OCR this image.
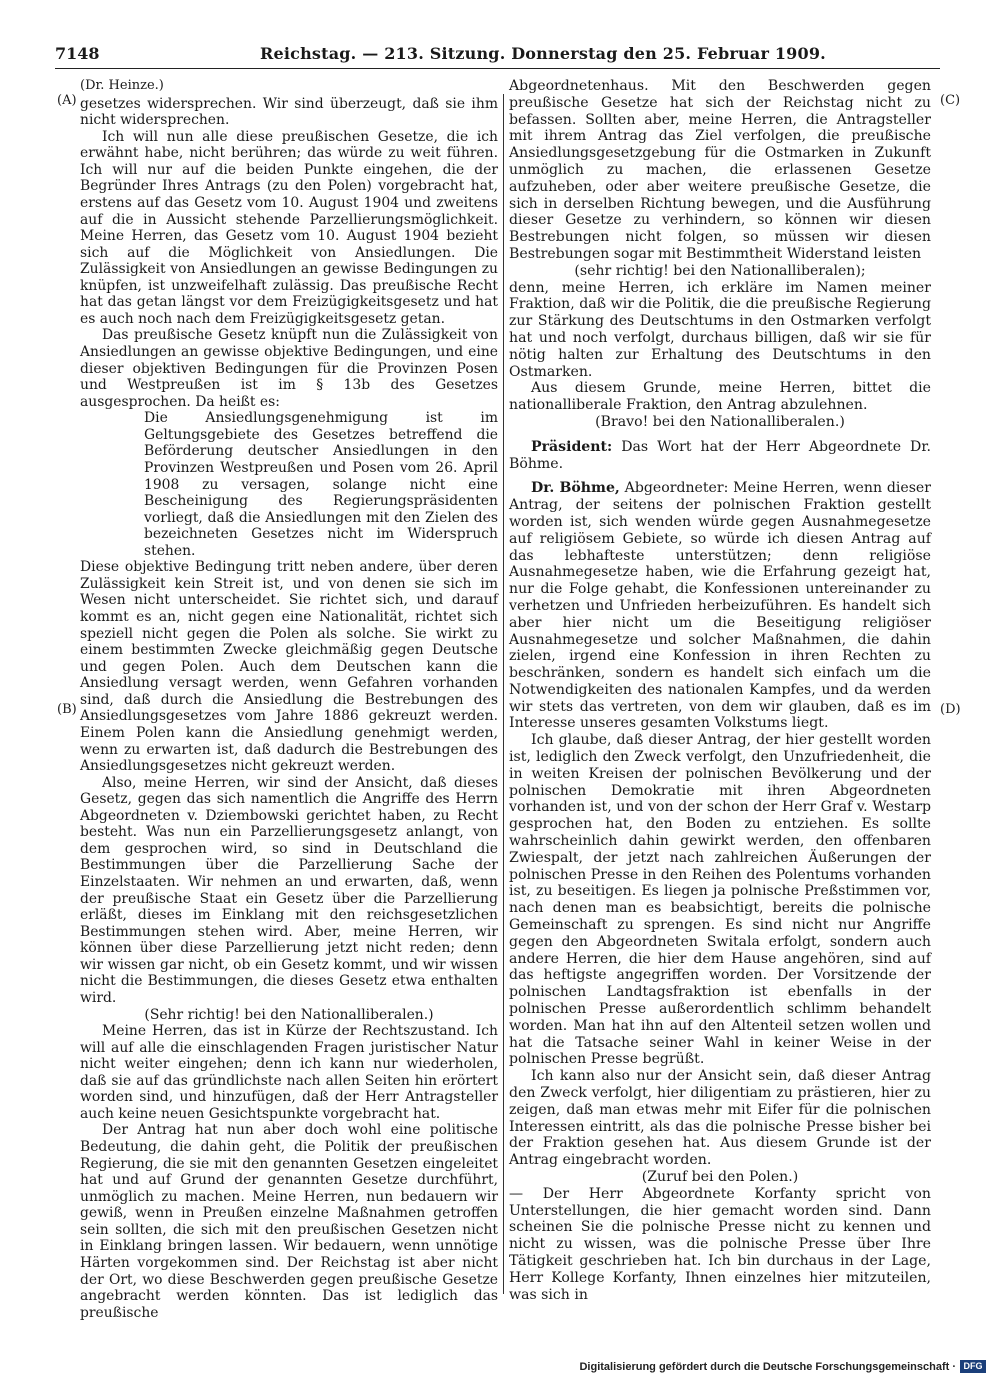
7148	Reichstag. — 213. Sitzung. Donnerstag den 25. Februar 1909.
(A)
(B)
(C)
(D)

(Dr. Heinze.)

gesetzes widersprechen. Wir sind überzeugt, daß sie ihm nicht widersprechen.

Ich will nun alle diese preußischen Gesetze, die ich erwähnt habe, nicht berühren; das würde zu weit führen. Ich will nur auf die beiden Punkte eingehen, die der Begründer Ihres Antrags (zu den Polen) vorgebracht hat, erstens auf das Gesetz vom 10. August 1904 und zweitens auf die in Aussicht stehende Parzellierungsmöglichkeit. Meine Herren, das Gesetz vom 10. August 1904 bezieht sich auf die Möglichkeit von Ansiedlungen. Die Zulässigkeit von Ansiedlungen an gewisse Bedingungen zu knüpfen, ist unzweifelhaft zulässig. Das preußische Recht hat das getan längst vor dem Freizügigkeitsgesetz und hat es auch noch nach dem Freizügigkeitsgesetz getan.

Das preußische Gesetz knüpft nun die Zulässigkeit von Ansiedlungen an gewisse objektive Bedingungen, und eine dieser objektiven Bedingungen für die Provinzen Posen und Westpreußen ist im § 13b des Gesetzes ausgesprochen. Da heißt es:

Die Ansiedlungsgenehmigung ist im Geltungsgebiete des Gesetzes betreffend die Beförderung deutscher Ansiedlungen in den Provinzen Westpreußen und Posen vom 26. April 1908 zu versagen, solange nicht eine Bescheinigung des Regierungspräsidenten vorliegt, daß die Ansiedlungen mit den Zielen des bezeichneten Gesetzes nicht im Widerspruch stehen.

Diese objektive Bedingung tritt neben andere, über deren Zulässigkeit kein Streit ist, und von denen sie sich im Wesen nicht unterscheidet. Sie richtet sich, und darauf kommt es an, nicht gegen eine Nationalität, richtet sich speziell nicht gegen die Polen als solche. Sie wirkt zu einem bestimmten Zwecke gleichmäßig gegen Deutsche und gegen Polen. Auch dem Deutschen kann die Ansiedlung versagt werden, wenn Gefahren vorhanden sind, daß durch die Ansiedlung die Bestrebungen des Ansiedlungsgesetzes vom Jahre 1886 gekreuzt werden. Einem Polen kann die Ansiedlung genehmigt werden, wenn zu erwarten ist, daß dadurch die Bestrebungen des Ansiedlungsgesetzes nicht gekreuzt werden.

Also, meine Herren, wir sind der Ansicht, daß dieses Gesetz, gegen das sich namentlich die Angriffe des Herrn Abgeordneten v. Dziembowski gerichtet haben, zu Recht besteht. Was nun ein Parzellierungsgesetz anlangt, von dem gesprochen wird, so sind in Deutschland die Bestimmungen über die Parzellierung Sache der Einzelstaaten. Wir nehmen an und erwarten, daß, wenn der preußische Staat ein Gesetz über die Parzellierung erläßt, dieses im Einklang mit den reichsgesetzlichen Bestimmungen stehen wird. Aber, meine Herren, wir können über diese Parzellierung jetzt nicht reden; denn wir wissen gar nicht, ob ein Gesetz kommt, und wir wissen nicht die Bestimmungen, die dieses Gesetz etwa enthalten wird.

(Sehr richtig! bei den Nationalliberalen.)

Meine Herren, das ist in Kürze der Rechtszustand. Ich will auf alle die einschlagenden Fragen juristischer Natur nicht weiter eingehen; denn ich kann nur wiederholen, daß sie auf das gründlichste nach allen Seiten hin erörtert worden sind, und hinzufügen, daß der Herr Antragsteller auch keine neuen Gesichtspunkte vorgebracht hat.

Der Antrag hat nun aber doch wohl eine politische Bedeutung, die dahin geht, die Politik der preußischen Regierung, die sie mit den genannten Gesetzen eingeleitet hat und auf Grund der genannten Gesetze durchführt, unmöglich zu machen. Meine Herren, nun bedauern wir gewiß, wenn in Preußen einzelne Maßnahmen getroffen sein sollten, die sich mit den preußischen Gesetzen nicht in Einklang bringen lassen. Wir bedauern, wenn unnötige Härten vorgekommen sind. Der Reichstag ist aber nicht der Ort, wo diese Beschwerden gegen preußische Gesetze angebracht werden könnten. Das ist lediglich das preußische

Abgeordnetenhaus. Mit den Beschwerden gegen preußische Gesetze hat sich der Reichstag nicht zu befassen. Sollten aber, meine Herren, die Antragsteller mit ihrem Antrag das Ziel verfolgen, die preußische Ansiedlungsgesetzgebung für die Ostmarken in Zukunft unmöglich zu machen, die erlassenen Gesetze aufzuheben, oder aber weitere preußische Gesetze, die sich in derselben Richtung bewegen, und die Ausführung dieser Gesetze zu verhindern, so können wir diesen Bestrebungen nicht folgen, so müssen wir diesen Bestrebungen sogar mit Bestimmtheit Widerstand leisten

(sehr richtig! bei den Nationalliberalen);

denn, meine Herren, ich erkläre im Namen meiner Fraktion, daß wir die Politik, die die preußische Regierung zur Stärkung des Deutschtums in den Ostmarken verfolgt hat und noch verfolgt, durchaus billigen, daß wir sie für nötig halten zur Erhaltung des Deutschtums in den Ostmarken.

Aus diesem Grunde, meine Herren, bittet die nationalliberale Fraktion, den Antrag abzulehnen.

(Bravo! bei den Nationalliberalen.)

Präsident: Das Wort hat der Herr Abgeordnete Dr. Böhme.

Dr. Böhme, Abgeordneter: Meine Herren, wenn dieser Antrag, der seitens der polnischen Fraktion gestellt worden ist, sich wenden würde gegen Ausnahmegesetze auf religiösem Gebiete, so würde ich diesen Antrag auf das lebhafteste unterstützen; denn religiöse Ausnahmegesetze haben, wie die Erfahrung gezeigt hat, nur die Folge gehabt, die Konfessionen untereinander zu verhetzen und Unfrieden herbeizuführen. Es handelt sich aber hier nicht um die Beseitigung religiöser Ausnahmegesetze und solcher Maßnahmen, die dahin zielen, irgend eine Konfession in ihren Rechten zu beschränken, sondern es handelt sich einfach um die Notwendigkeiten des nationalen Kampfes, und da werden wir stets das vertreten, von dem wir glauben, daß es im Interesse unseres gesamten Volkstums liegt.

Ich glaube, daß dieser Antrag, der hier gestellt worden ist, lediglich den Zweck verfolgt, den Unzufriedenheit, die in weiten Kreisen der polnischen Bevölkerung und der polnischen Demokratie mit ihren Abgeordneten vorhanden ist, und von der schon der Herr Graf v. Westarp gesprochen hat, den Boden zu entziehen. Es sollte wahrscheinlich dahin gewirkt werden, den offenbaren Zwiespalt, der jetzt nach zahlreichen Äußerungen der polnischen Presse in den Reihen des Polentums vorhanden ist, zu beseitigen. Es liegen ja polnische Preßstimmen vor, nach denen man es beabsichtigt, bereits die polnische Gemeinschaft zu sprengen. Es sind nicht nur Angriffe gegen den Abgeordneten Switala erfolgt, sondern auch andere Herren, die hier dem Hause angehören, sind auf das heftigste angegriffen worden. Der Vorsitzende der polnischen Landtagsfraktion ist ebenfalls in der polnischen Presse außerordentlich schlimm behandelt worden. Man hat ihn auf den Altenteil setzen wollen und hat die Tatsache seiner Wahl in keiner Weise in der polnischen Presse begrüßt.

Ich kann also nur der Ansicht sein, daß dieser Antrag den Zweck verfolgt, hier diligentiam zu prästieren, hier zu zeigen, daß man etwas mehr mit Eifer für die polnischen Interessen eintritt, als das die polnische Presse bisher bei der Fraktion gesehen hat. Aus diesem Grunde ist der Antrag eingebracht worden.

(Zuruf bei den Polen.)

— Der Herr Abgeordnete Korfanty spricht von Unterstellungen, die hier gemacht worden sind. Dann scheinen Sie die polnische Presse nicht zu kennen und nicht zu wissen, was die polnische Presse über Ihre Tätigkeit geschrieben hat. Ich bin durchaus in der Lage, Herr Kollege Korfanty, Ihnen einzelnes hier mitzuteilen, was sich in

Digitalisierung gefördert durch die Deutsche Forschungsgemeinschaft · DFG
